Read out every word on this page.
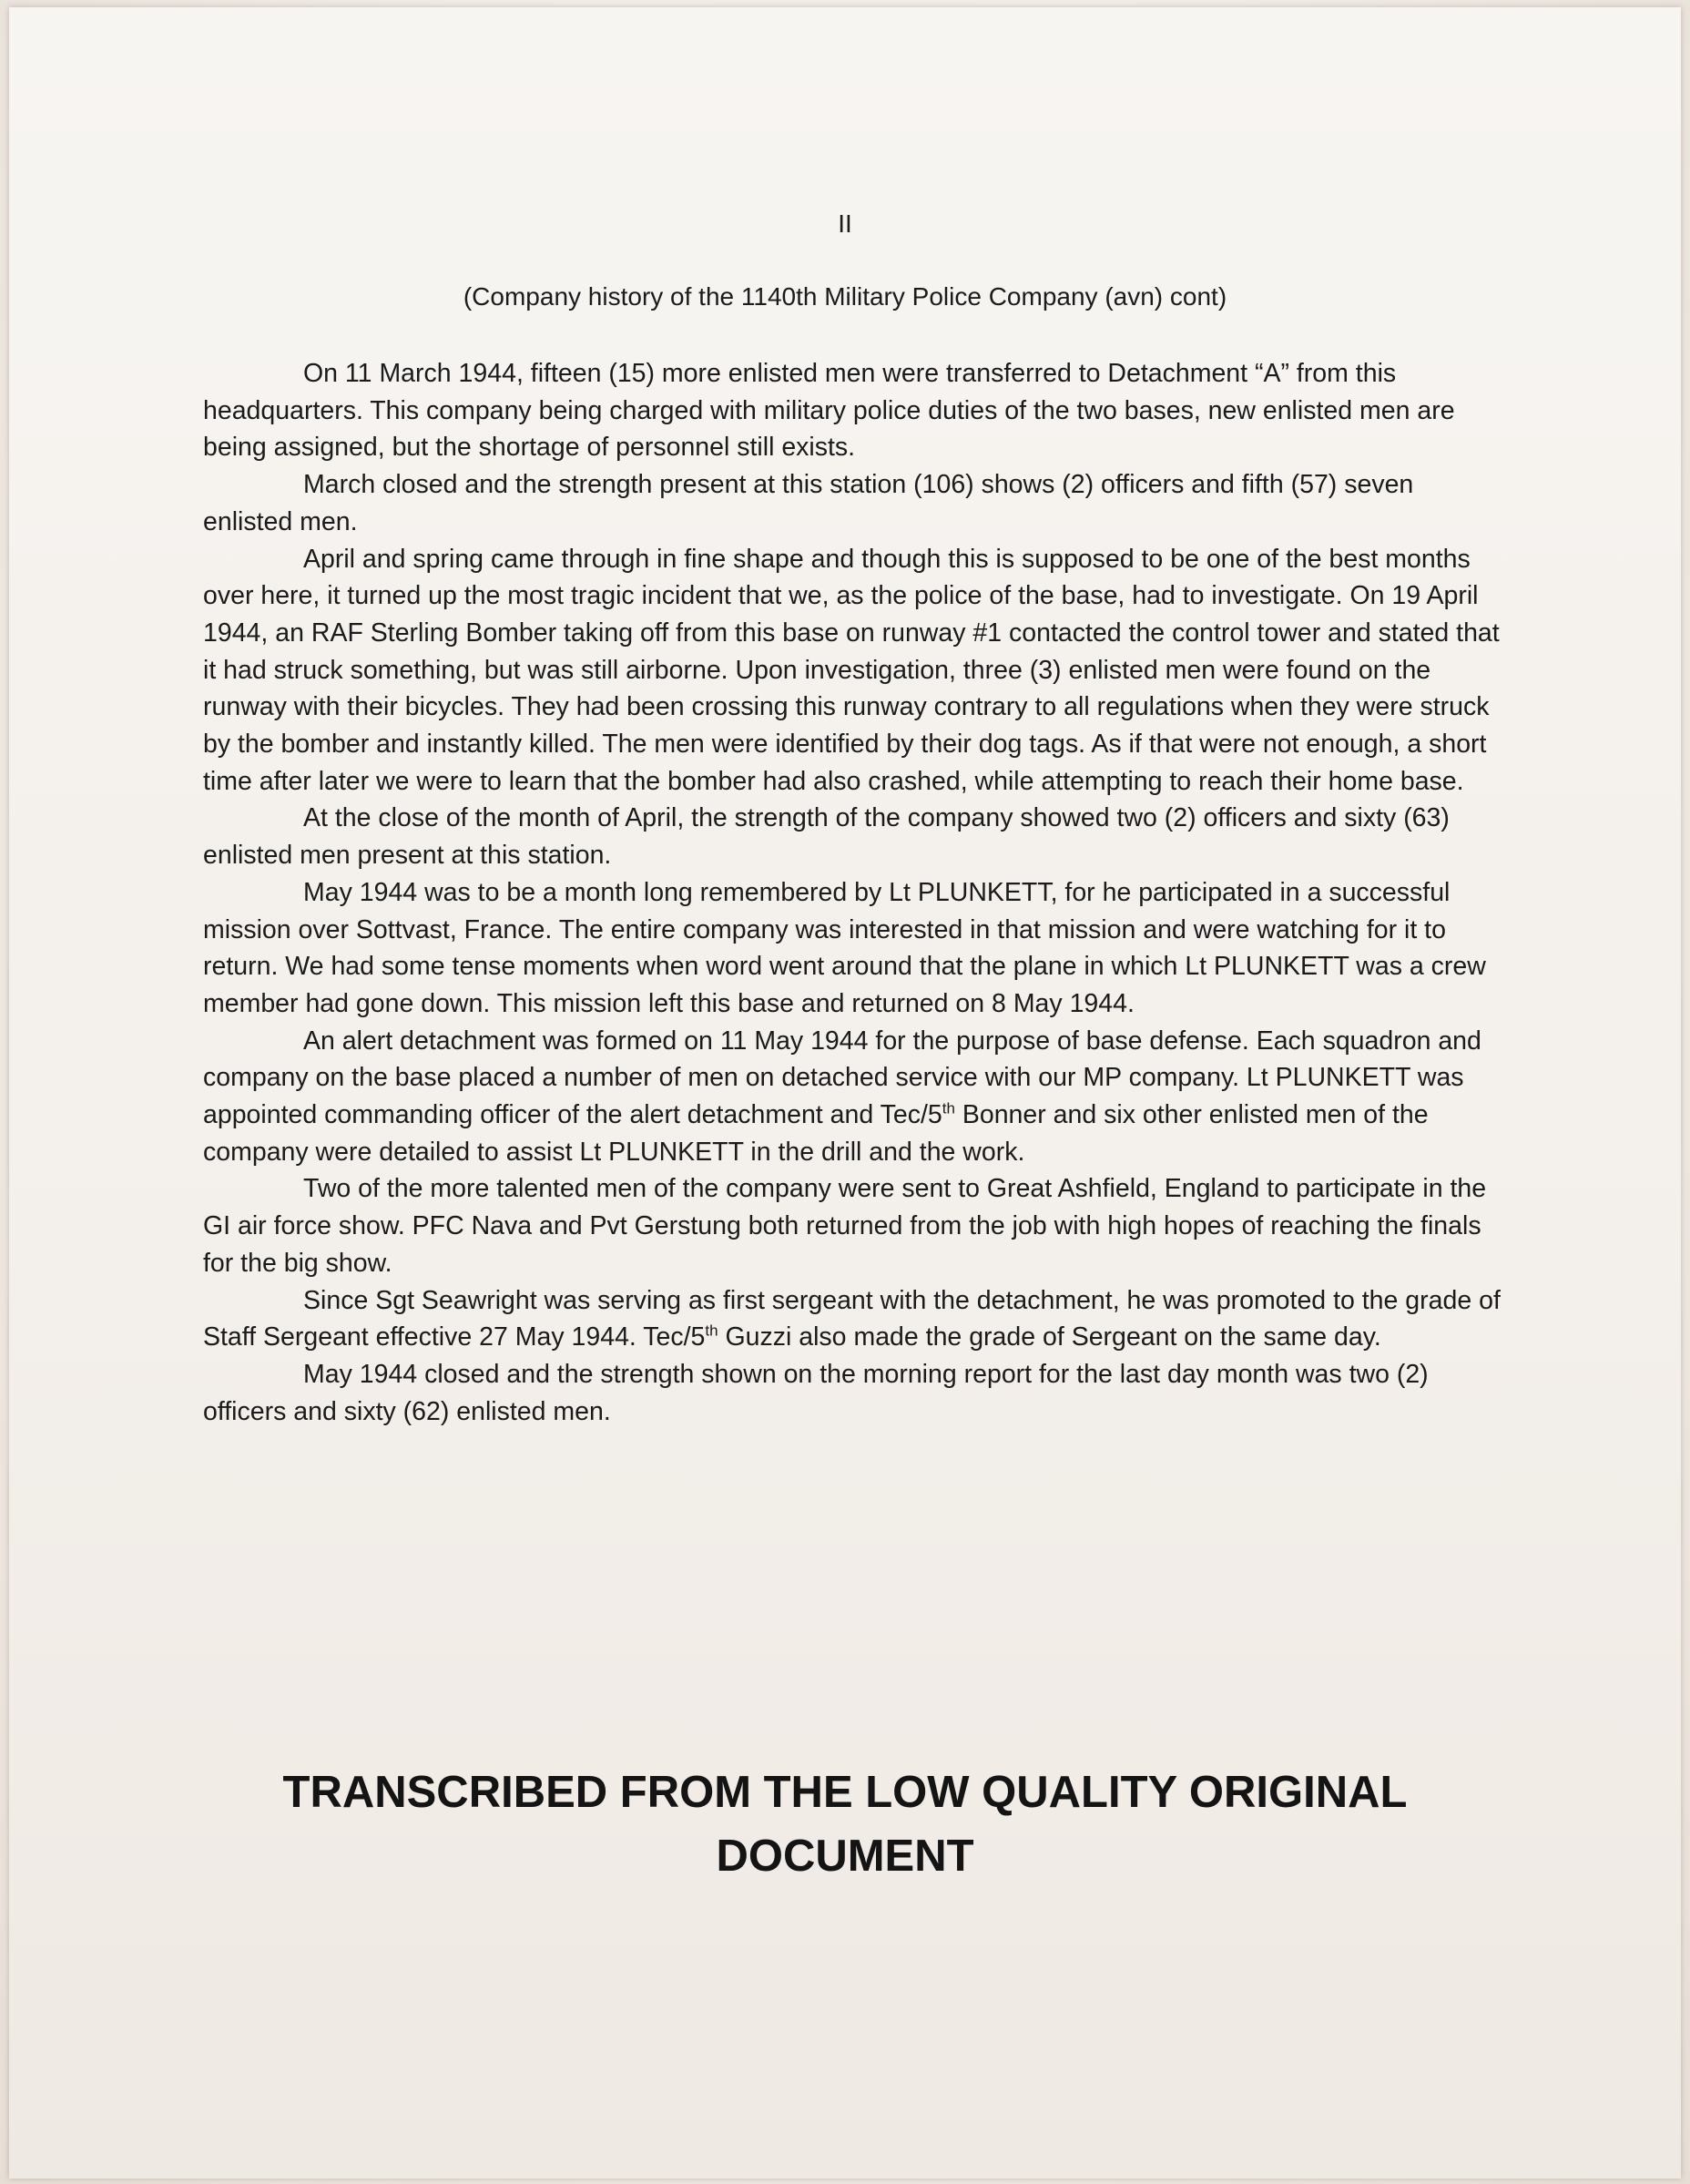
II
(Company history of the 1140th Military Police Company (avn) cont)

On 11 March 1944, fifteen (15) more enlisted men were transferred to Detachment “A” from this headquarters. This company being charged with military police duties of the two bases, new enlisted men are being assigned, but the shortage of personnel still exists.

March closed and the strength present at this station (106) shows (2) officers and fifth (57) seven enlisted men.

April and spring came through in fine shape and though this is supposed to be one of the best months over here, it turned up the most tragic incident that we, as the police of the base, had to investigate. On 19 April 1944, an RAF Sterling Bomber taking off from this base on runway #1 contacted the control tower and stated that it had struck something, but was still airborne. Upon investigation, three (3) enlisted men were found on the runway with their bicycles. They had been crossing this runway contrary to all regulations when they were struck by the bomber and instantly killed. The men were identified by their dog tags. As if that were not enough, a short time after later we were to learn that the bomber had also crashed, while attempting to reach their home base.

At the close of the month of April, the strength of the company showed two (2) officers and sixty (63) enlisted men present at this station.

May 1944 was to be a month long remembered by Lt PLUNKETT, for he participated in a successful mission over Sottvast, France. The entire company was interested in that mission and were watching for it to return. We had some tense moments when word went around that the plane in which Lt PLUNKETT was a crew member had gone down. This mission left this base and returned on 8 May 1944.

An alert detachment was formed on 11 May 1944 for the purpose of base defense. Each squadron and company on the base placed a number of men on detached service with our MP company. Lt PLUNKETT was appointed commanding officer of the alert detachment and Tec/5th Bonner and six other enlisted men of the company were detailed to assist Lt PLUNKETT in the drill and the work.

Two of the more talented men of the company were sent to Great Ashfield, England to participate in the GI air force show. PFC Nava and Pvt Gerstung both returned from the job with high hopes of reaching the finals for the big show.

Since Sgt Seawright was serving as first sergeant with the detachment, he was promoted to the grade of Staff Sergeant effective 27 May 1944. Tec/5th Guzzi also made the grade of Sergeant on the same day.

May 1944 closed and the strength shown on the morning report for the last day month was two (2) officers and sixty (62) enlisted men.

TRANSCRIBED FROM THE LOW QUALITY ORIGINAL
DOCUMENT
